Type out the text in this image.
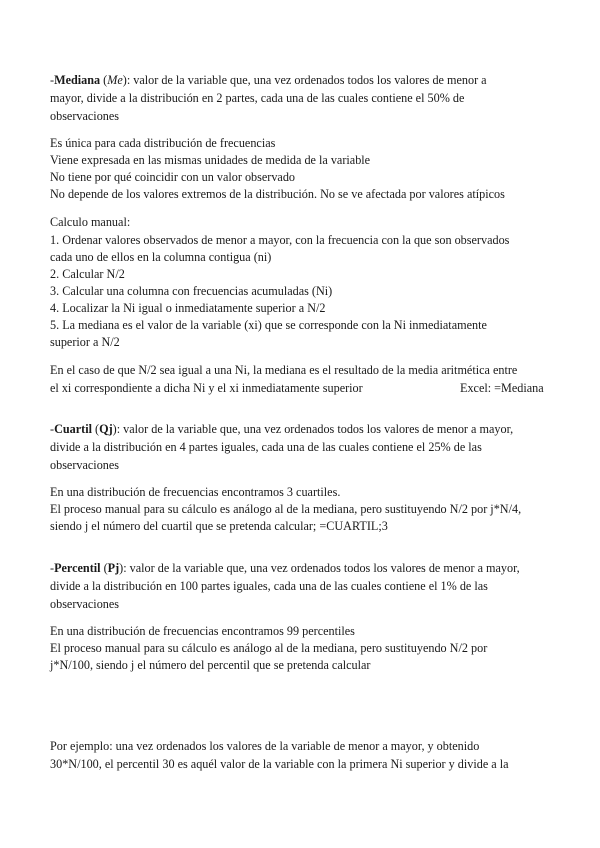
-Mediana (Me): valor de la variable que, una vez ordenados todos los valores de menor a
mayor, divide a la distribución en 2 partes, cada una de las cuales contiene el 50% de
observaciones
Es única para cada distribución de frecuencias
Viene expresada en las mismas unidades de medida de la variable
No tiene por qué coincidir con un valor observado
No depende de los valores extremos de la distribución. No se ve afectada por valores atípicos
Calculo manual:
1. Ordenar valores observados de menor a mayor, con la frecuencia con la que son observados
cada uno de ellos en la columna contigua (ni)
2. Calcular N/2
3. Calcular una columna con frecuencias acumuladas (Ni)
4. Localizar la Ni igual o inmediatamente superior a N/2
5. La mediana es el valor de la variable (xi) que se corresponde con la Ni inmediatamente
superior a N/2
En el caso de que N/2 sea igual a una Ni, la mediana es el resultado de la media aritmética entre
el xi correspondiente a dicha Ni y el xi inmediatamente superior	Excel: =Mediana
-Cuartil (Qj): valor de la variable que, una vez ordenados todos los valores de menor a mayor,
divide a la distribución en 4 partes iguales, cada una de las cuales contiene el 25% de las
observaciones
En una distribución de frecuencias encontramos 3 cuartiles.
El proceso manual para su cálculo es análogo al de la mediana, pero sustituyendo N/2 por j*N/4,
siendo j el número del cuartil que se pretenda calcular; =CUARTIL;3
-Percentil (Pj): valor de la variable que, una vez ordenados todos los valores de menor a mayor,
divide a la distribución en 100 partes iguales, cada una de las cuales contiene el 1% de las
observaciones
En una distribución de frecuencias encontramos 99 percentiles
El proceso manual para su cálculo es análogo al de la mediana, pero sustituyendo N/2 por
j*N/100, siendo j el número del percentil que se pretenda calcular
Por ejemplo: una vez ordenados los valores de la variable de menor a mayor, y obtenido
30*N/100, el percentil 30 es aquél valor de la variable con la primera Ni superior y divide a la
